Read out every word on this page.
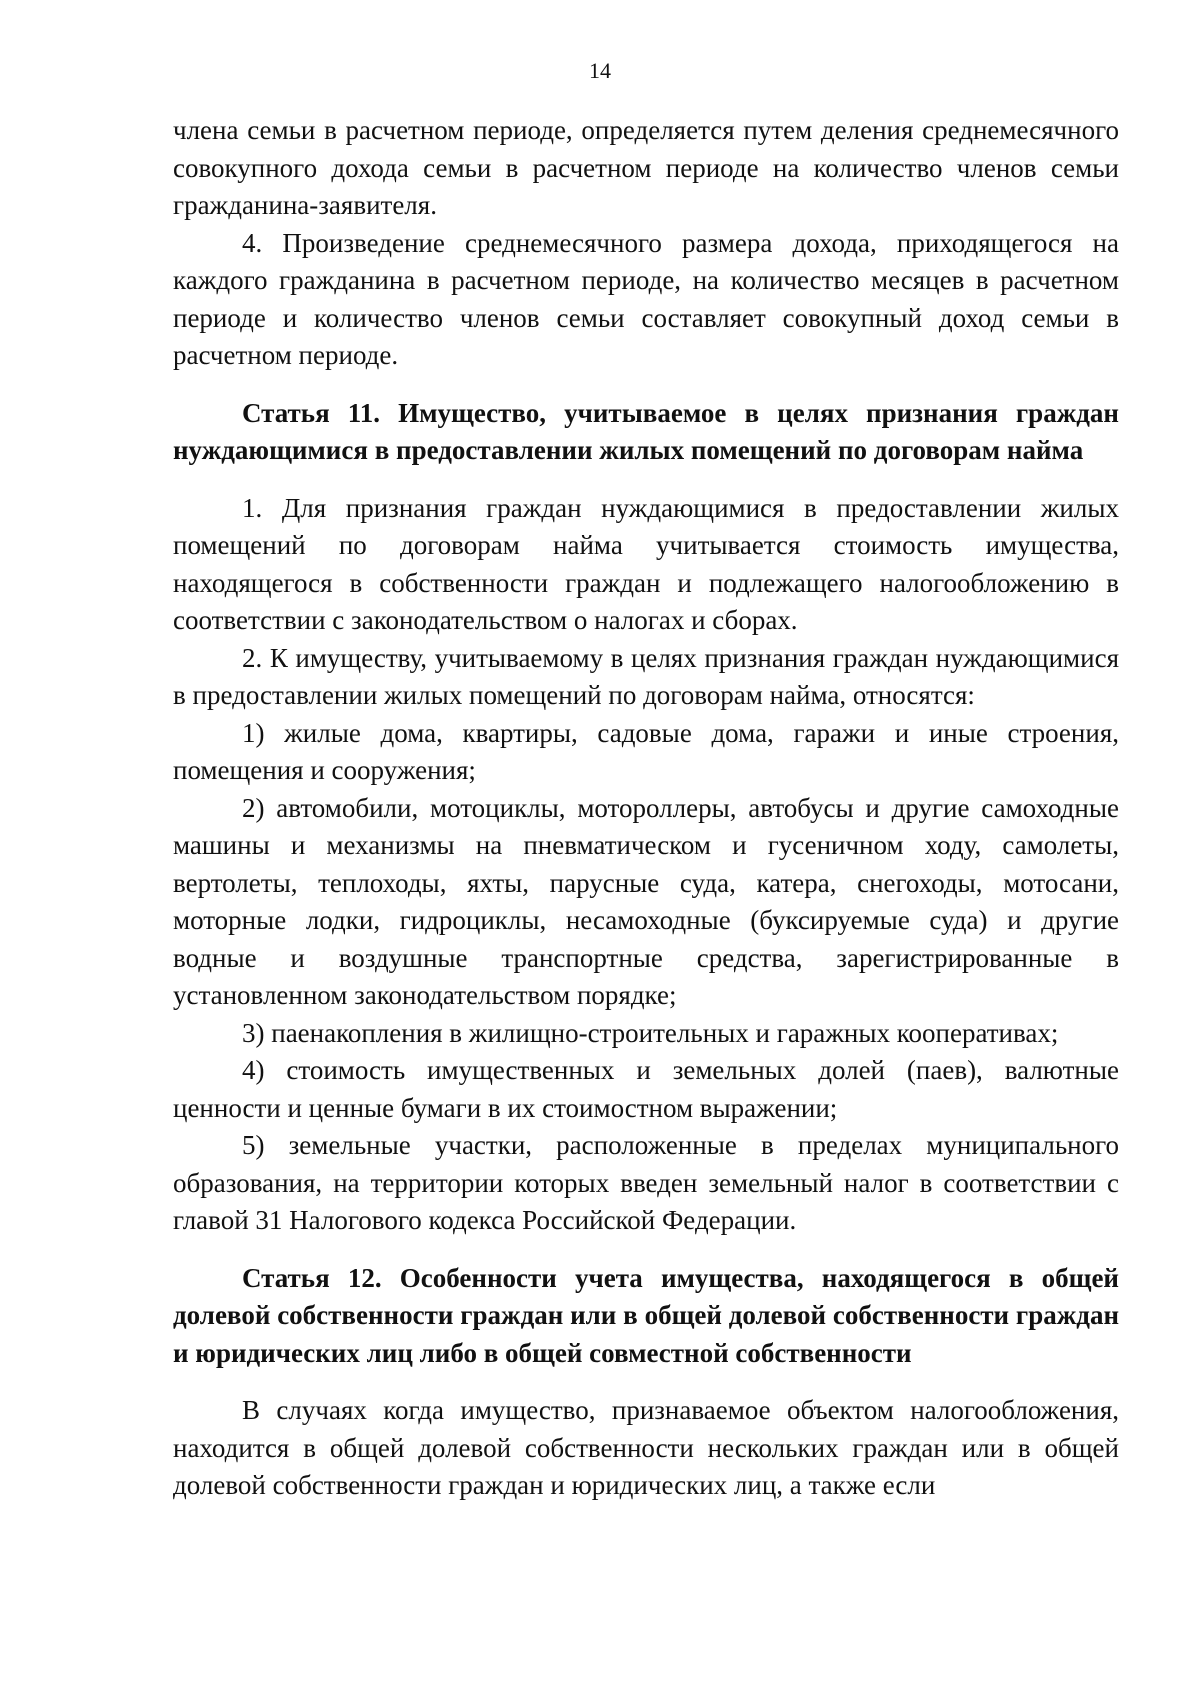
14

члена семьи в расчетном периоде, определяется путем деления среднемесячного совокупного дохода семьи в расчетном периоде на количество членов семьи гражданина-заявителя.

4. Произведение среднемесячного размера дохода, приходящегося на каждого гражданина в расчетном периоде, на количество месяцев в расчетном периоде и количество членов семьи составляет совокупный доход семьи в расчетном периоде.

Статья 11. Имущество, учитываемое в целях признания граждан нуждающимися в предоставлении жилых помещений по договорам найма

1. Для признания граждан нуждающимися в предоставлении жилых помещений по договорам найма учитывается стоимость имущества, находящегося в собственности граждан и подлежащего налогообложению в соответствии с законодательством о налогах и сборах.

2. К имуществу, учитываемому в целях признания граждан нуждающимися в предоставлении жилых помещений по договорам найма, относятся:

1) жилые дома, квартиры, садовые дома, гаражи и иные строения, помещения и сооружения;

2) автомобили, мотоциклы, мотороллеры, автобусы и другие самоходные машины и механизмы на пневматическом и гусеничном ходу, самолеты, вертолеты, теплоходы, яхты, парусные суда, катера, снегоходы, мотосани, моторные лодки, гидроциклы, несамоходные (буксируемые суда) и другие водные и воздушные транспортные средства, зарегистрированные в установленном законодательством порядке;

3) паенакопления в жилищно-строительных и гаражных кооперативах;

4) стоимость имущественных и земельных долей (паев), валютные ценности и ценные бумаги в их стоимостном выражении;

5) земельные участки, расположенные в пределах муниципального образования, на территории которых введен земельный налог в соответствии с главой 31 Налогового кодекса Российской Федерации.

Статья 12. Особенности учета имущества, находящегося в общей долевой собственности граждан или в общей долевой собственности граждан и юридических лиц либо в общей совместной собственности

В случаях когда имущество, признаваемое объектом налогообложения, находится в общей долевой собственности нескольких граждан или в общей долевой собственности граждан и юридических лиц, а также если
